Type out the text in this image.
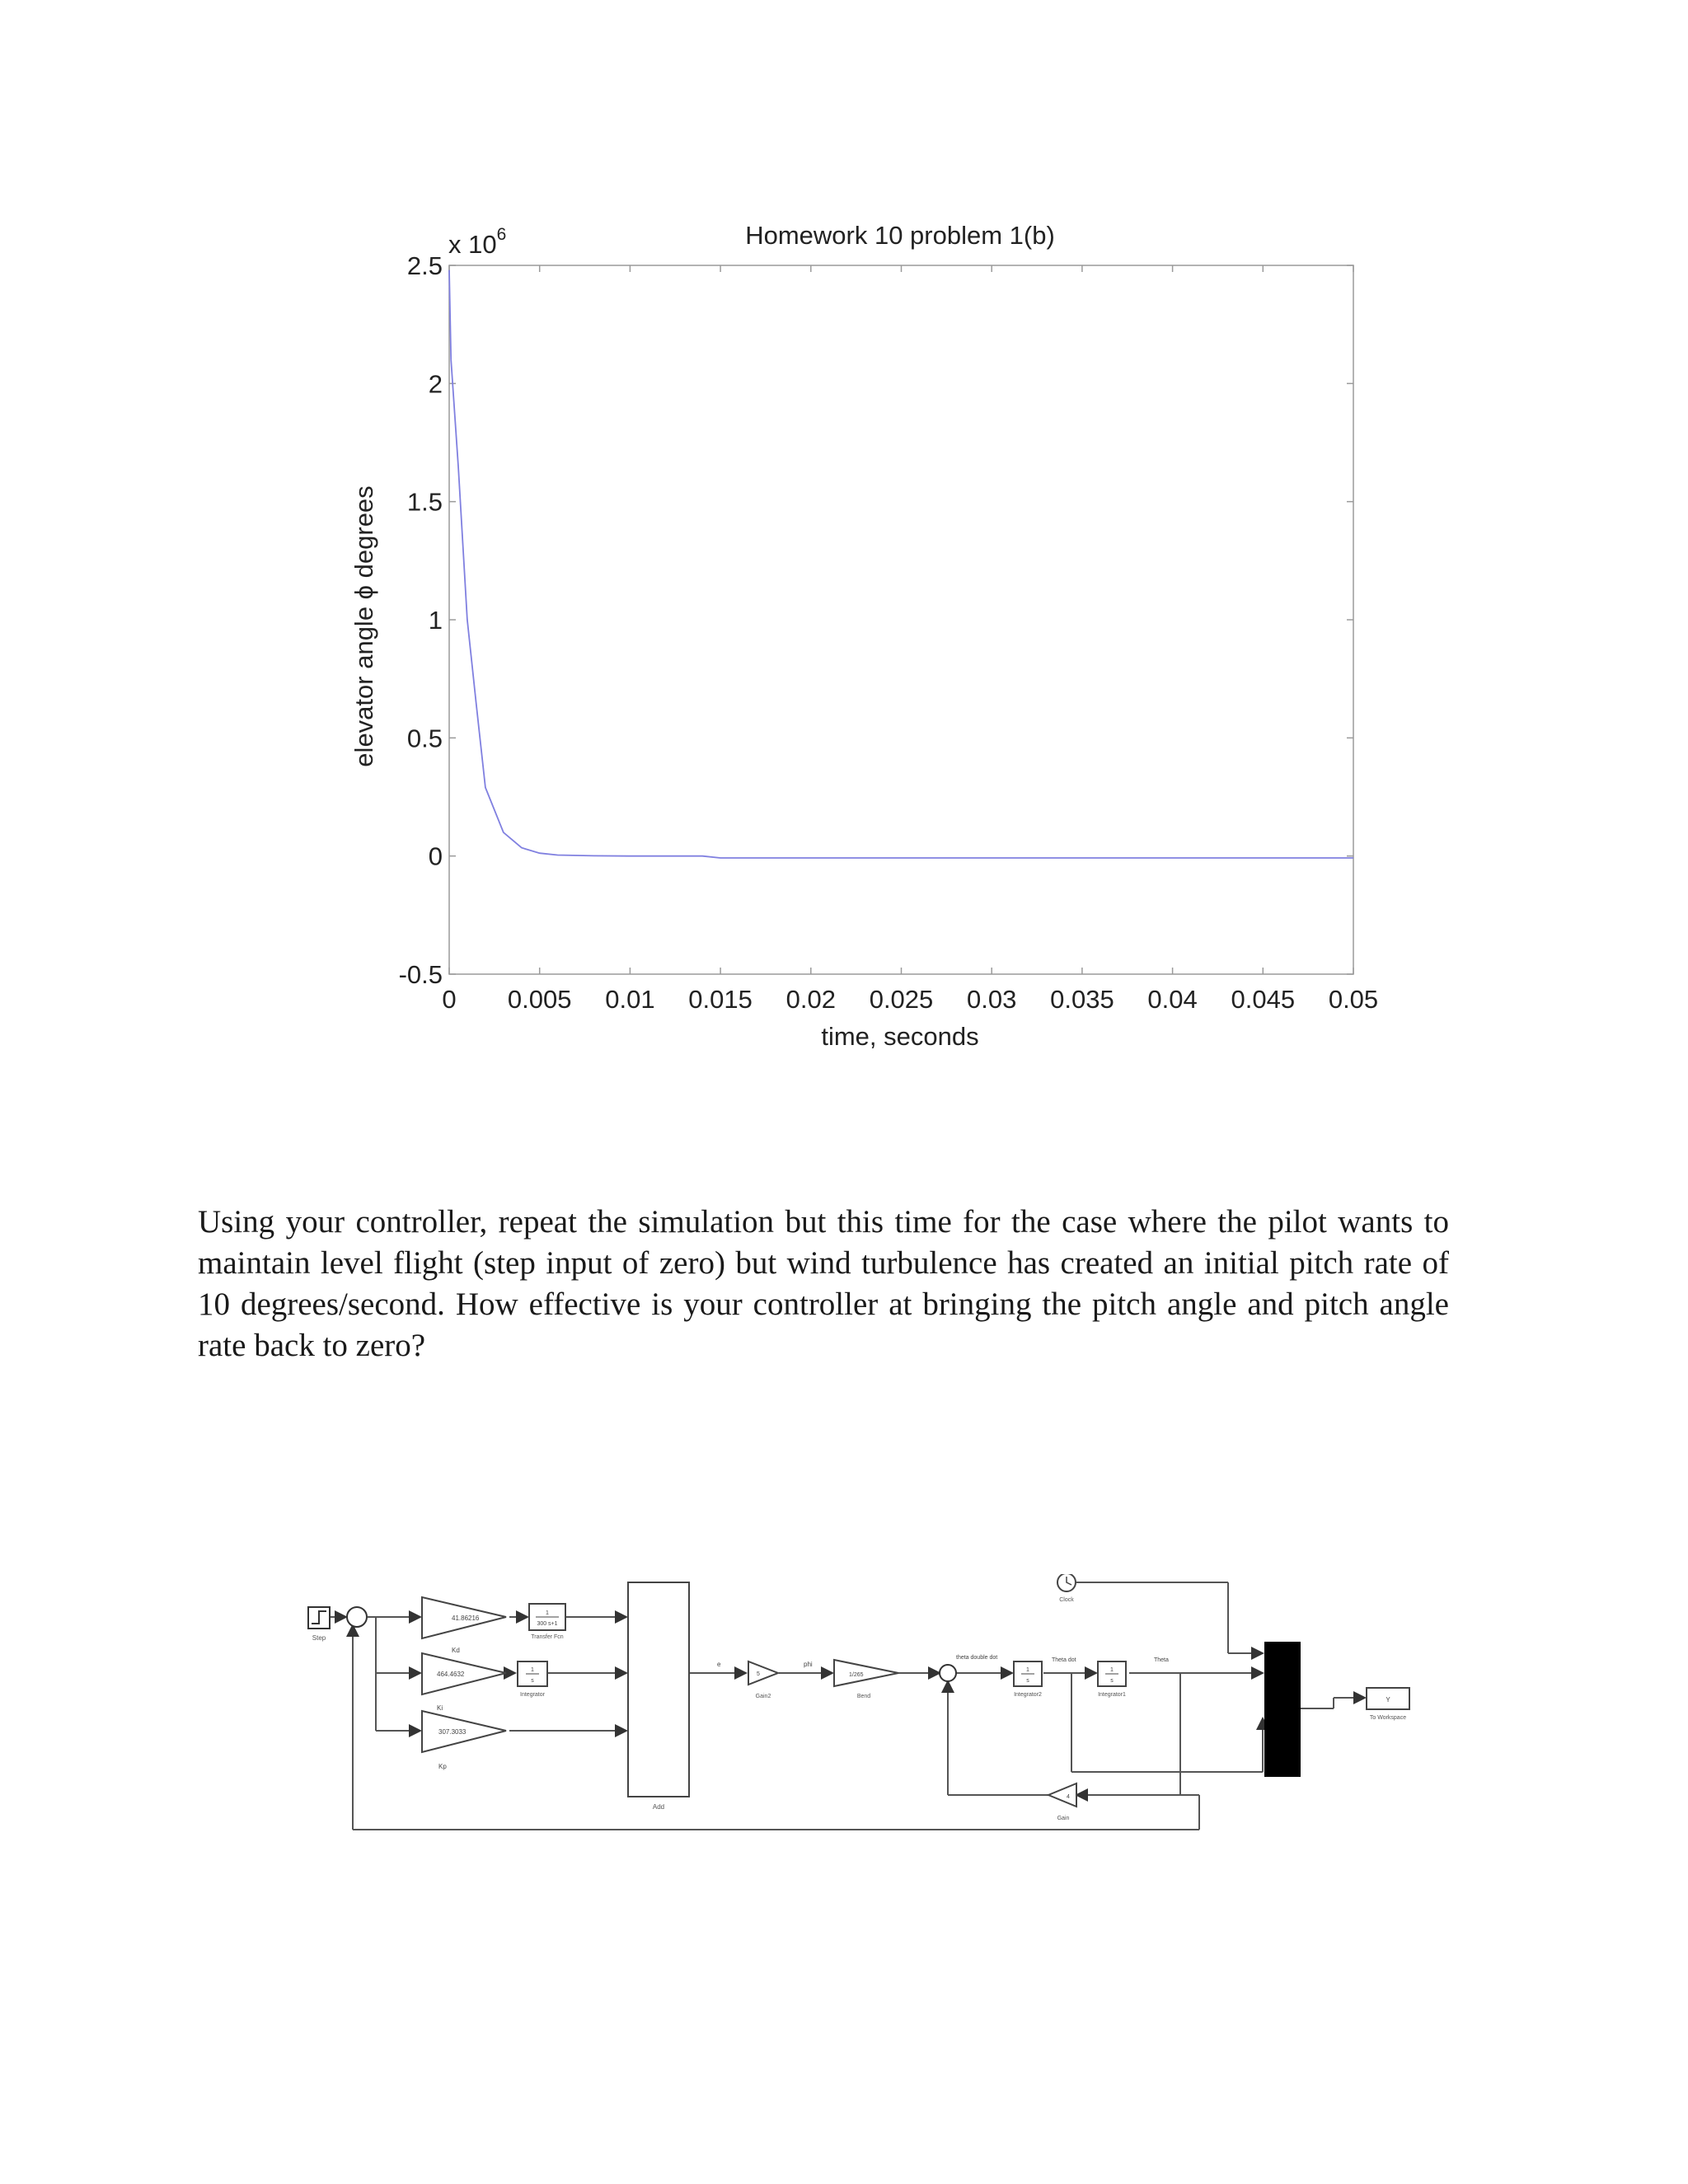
Homework 10 problem 1(b)
x $10^6$
elevator angle ϕ degrees
time, seconds
0 0.005 0.01 0.015 0.02 0.025 0.03 0.035 0.04 0.045 0.05
-0.5
0
0.5
1
1.5
2
2.5

Using your controller, repeat the simulation but this time for the case where the pilot wants to maintain level flight (step input of zero) but wind turbulence has created an initial pitch rate of 10 degrees/second. How effective is your controller at bringing the pitch angle and pitch angle rate back to zero?

Step
41.86216
Kd
1
300 s+1
Transfer Fcn
464.4632
Ki
1
s
Integrator
307.3033
Kp
Add
e
5
Gain2
phi
1/265
Bend
theta double dot
1
s
Integrator2
Theta dot
1
s
Integrator1
Theta
4
Gain
Clock
Y
To Workspace
